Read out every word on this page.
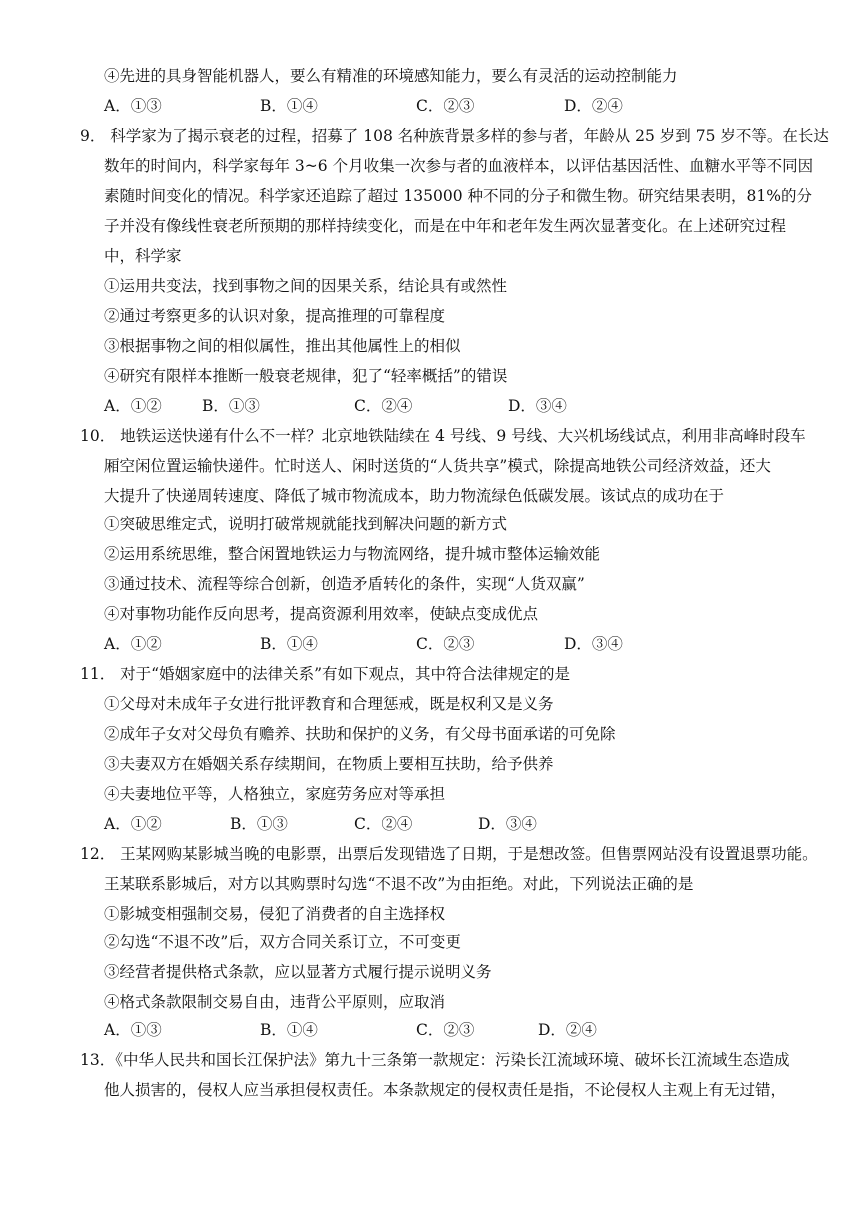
④先进的具身智能机器人，要么有精准的环境感知能力，要么有灵活的运动控制能力
A．①③	B．①④	C．②③	D．②④
9． 科学家为了揭示衰老的过程，招募了 108 名种族背景多样的参与者，年龄从 25 岁到 75 岁不等。在长达
数年的时间内，科学家每年 3~6 个月收集一次参与者的血液样本，以评估基因活性、血糖水平等不同因
素随时间变化的情况。科学家还追踪了超过 135000 种不同的分子和微生物。研究结果表明，81%的分
子并没有像线性衰老所预期的那样持续变化，而是在中年和老年发生两次显著变化。在上述研究过程
中，科学家
①运用共变法，找到事物之间的因果关系，结论具有或然性
②通过考察更多的认识对象，提高推理的可靠程度
③根据事物之间的相似属性，推出其他属性上的相似
④研究有限样本推断一般衰老规律，犯了“轻率概括”的错误
A．①②	B．①③	C．②④	D．③④
10． 地铁运送快递有什么不一样？北京地铁陆续在 4 号线、9 号线、大兴机场线试点，利用非高峰时段车
厢空闲位置运输快递件。忙时送人、闲时送货的“人货共享”模式，除提高地铁公司经济效益，还大
大提升了快递周转速度、降低了城市物流成本，助力物流绿色低碳发展。该试点的成功在于
①突破思维定式，说明打破常规就能找到解决问题的新方式
②运用系统思维，整合闲置地铁运力与物流网络，提升城市整体运输效能
③通过技术、流程等综合创新，创造矛盾转化的条件，实现“人货双赢”
④对事物功能作反向思考，提高资源利用效率，使缺点变成优点
A．①②	B．①④	C．②③	D．③④
11． 对于“婚姻家庭中的法律关系”有如下观点，其中符合法律规定的是
①父母对未成年子女进行批评教育和合理惩戒，既是权利又是义务
②成年子女对父母负有赡养、扶助和保护的义务，有父母书面承诺的可免除
③夫妻双方在婚姻关系存续期间，在物质上要相互扶助，给予供养
④夫妻地位平等，人格独立，家庭劳务应对等承担
A．①②	B．①③	C．②④	D．③④
12． 王某网购某影城当晚的电影票，出票后发现错选了日期，于是想改签。但售票网站没有设置退票功能。
王某联系影城后，对方以其购票时勾选“不退不改”为由拒绝。对此，下列说法正确的是
①影城变相强制交易，侵犯了消费者的自主选择权
②勾选“不退不改”后，双方合同关系订立，不可变更
③经营者提供格式条款，应以显著方式履行提示说明义务
④格式条款限制交易自由，违背公平原则，应取消
A．①③	B．①④	C．②③	D．②④
13．《中华人民共和国长江保护法》第九十三条第一款规定：污染长江流域环境、破坏长江流域生态造成
他人损害的，侵权人应当承担侵权责任。本条款规定的侵权责任是指，不论侵权人主观上有无过错，
